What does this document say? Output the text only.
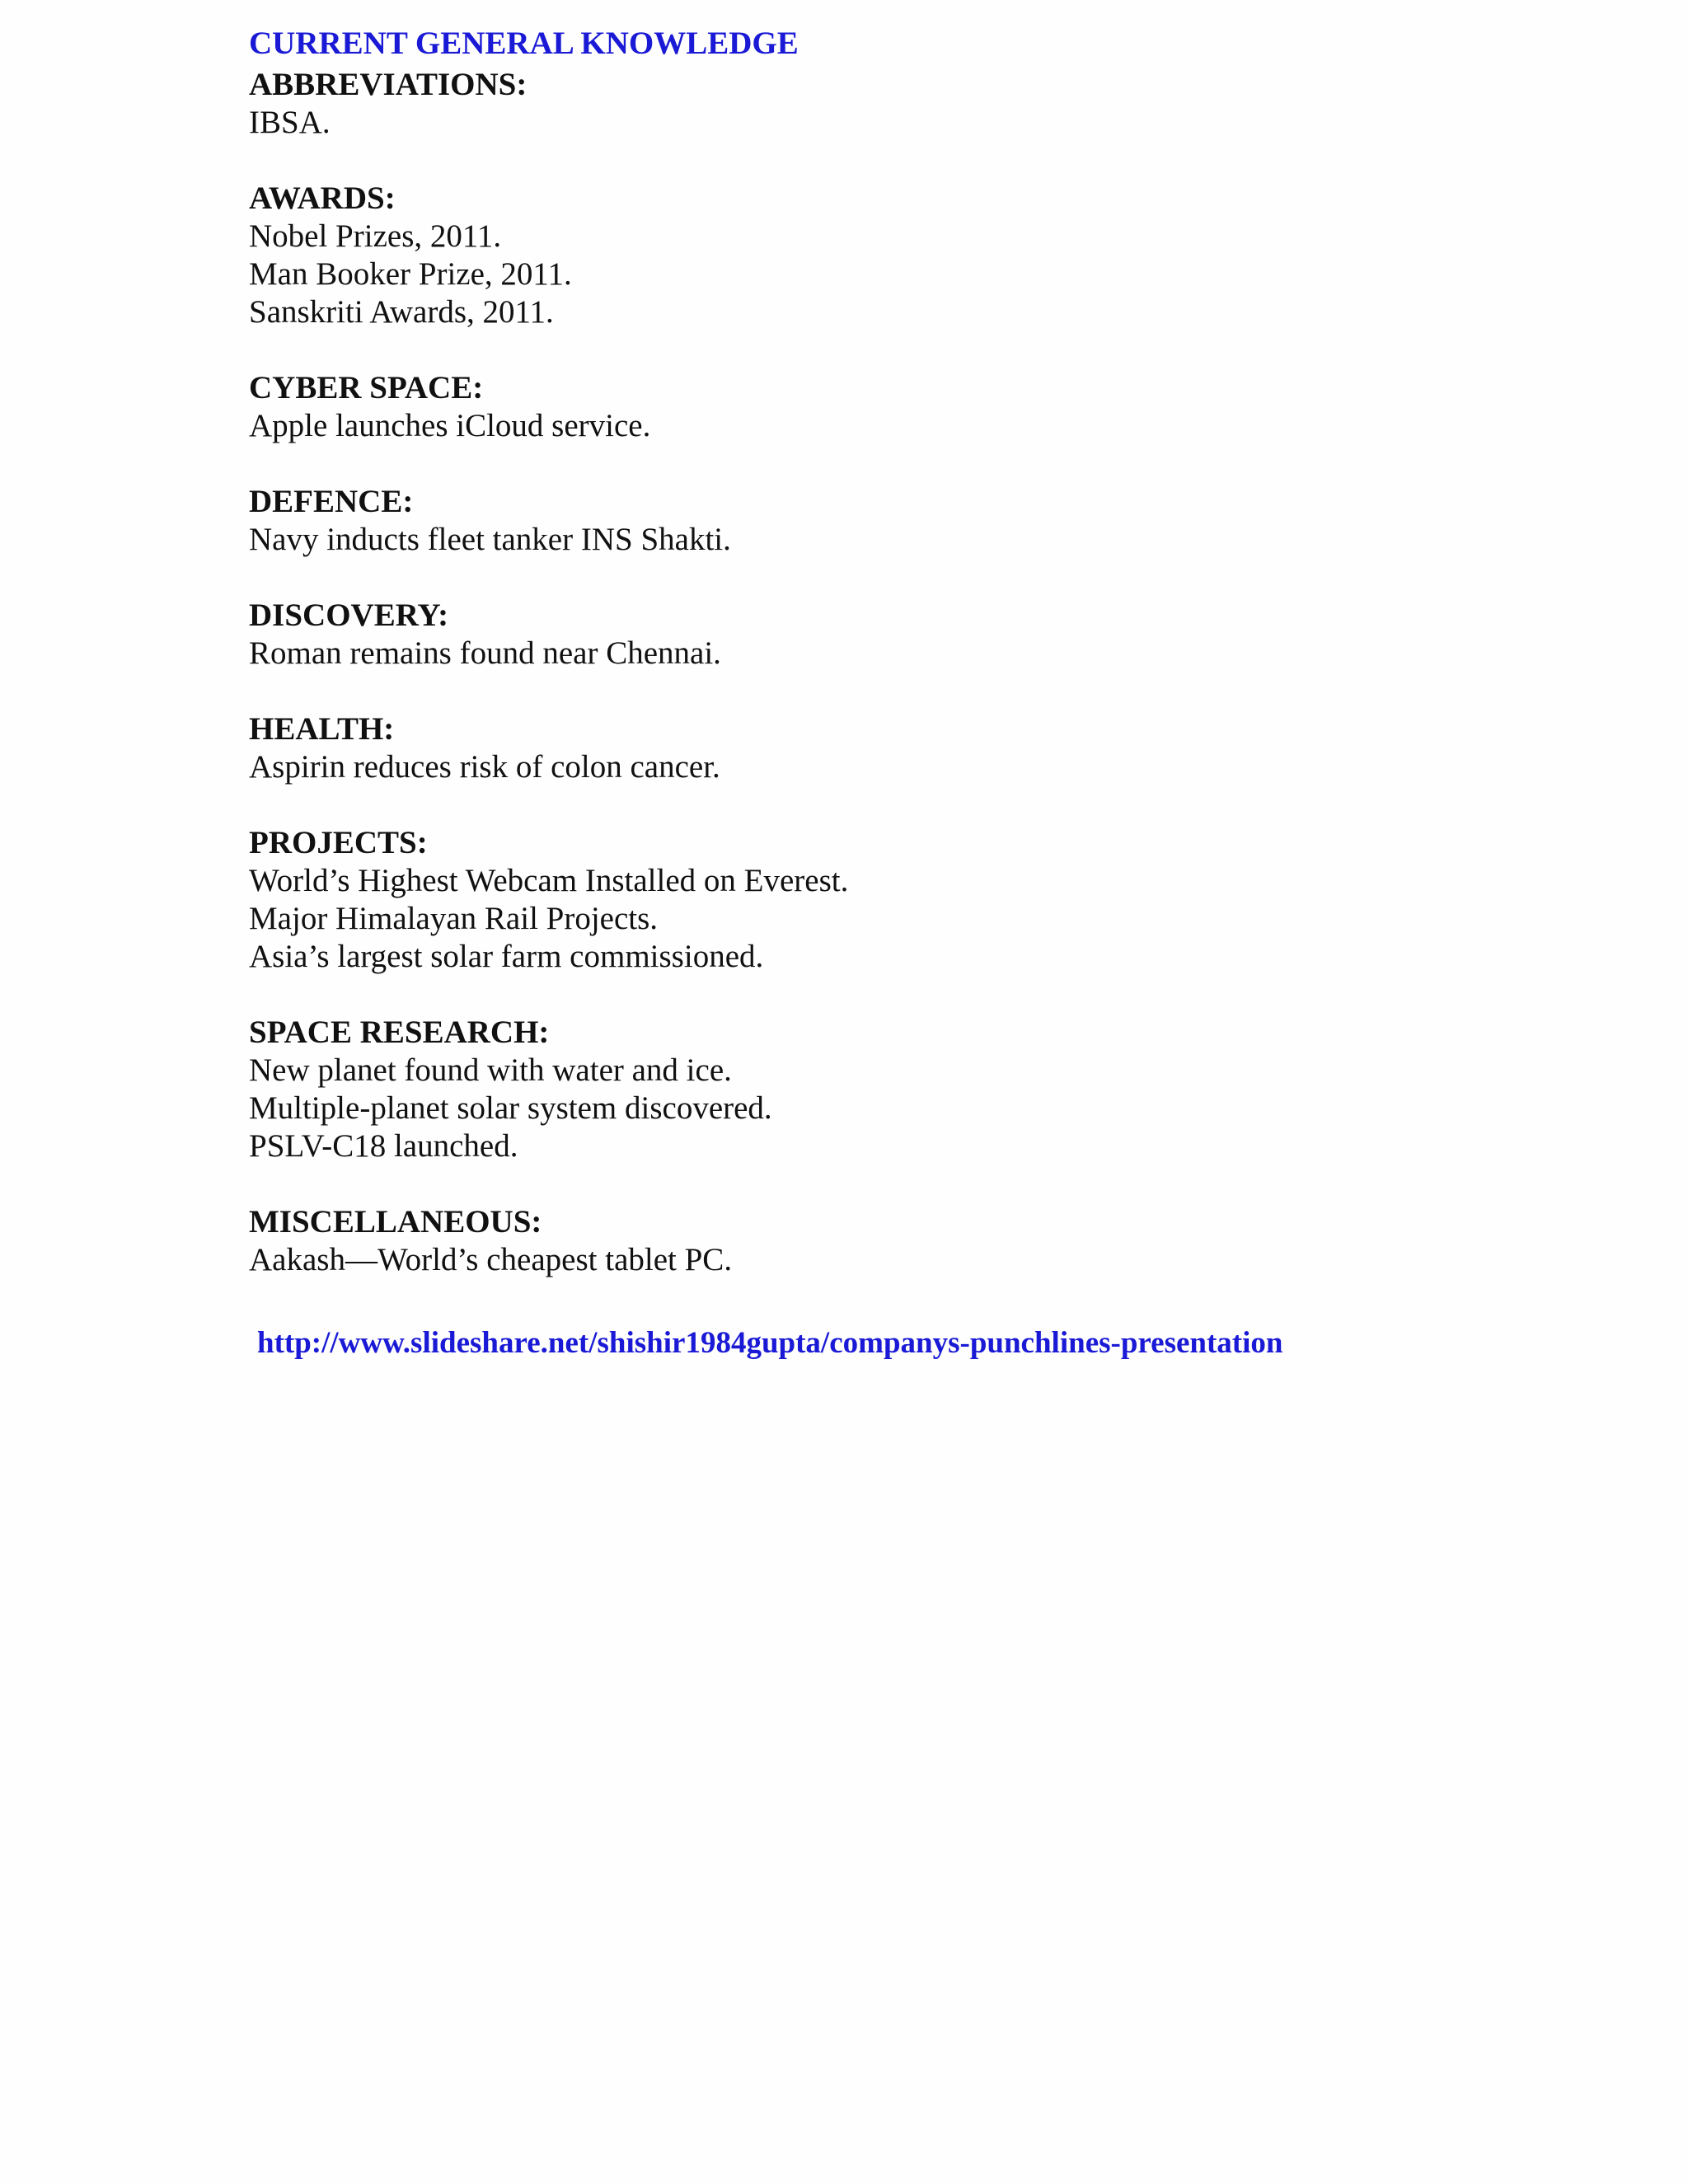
CURRENT GENERAL KNOWLEDGE

ABBREVIATIONS:

IBSA.

AWARDS:

Nobel Prizes, 2011.

Man Booker Prize, 2011.

Sanskriti Awards, 2011.

CYBER SPACE:

Apple launches iCloud service.

DEFENCE:

Navy inducts fleet tanker INS Shakti.

DISCOVERY:

Roman remains found near Chennai.

HEALTH:

Aspirin reduces risk of colon cancer.

PROJECTS:

World’s Highest Webcam Installed on Everest.

Major Himalayan Rail Projects.

Asia’s largest solar farm commissioned.

SPACE RESEARCH:

New planet found with water and ice.

Multiple-planet solar system discovered.

PSLV-C18 launched.

MISCELLANEOUS:

Aakash—World’s cheapest tablet PC.

http://www.slideshare.net/shishir1984gupta/companys-punchlines-presentation
